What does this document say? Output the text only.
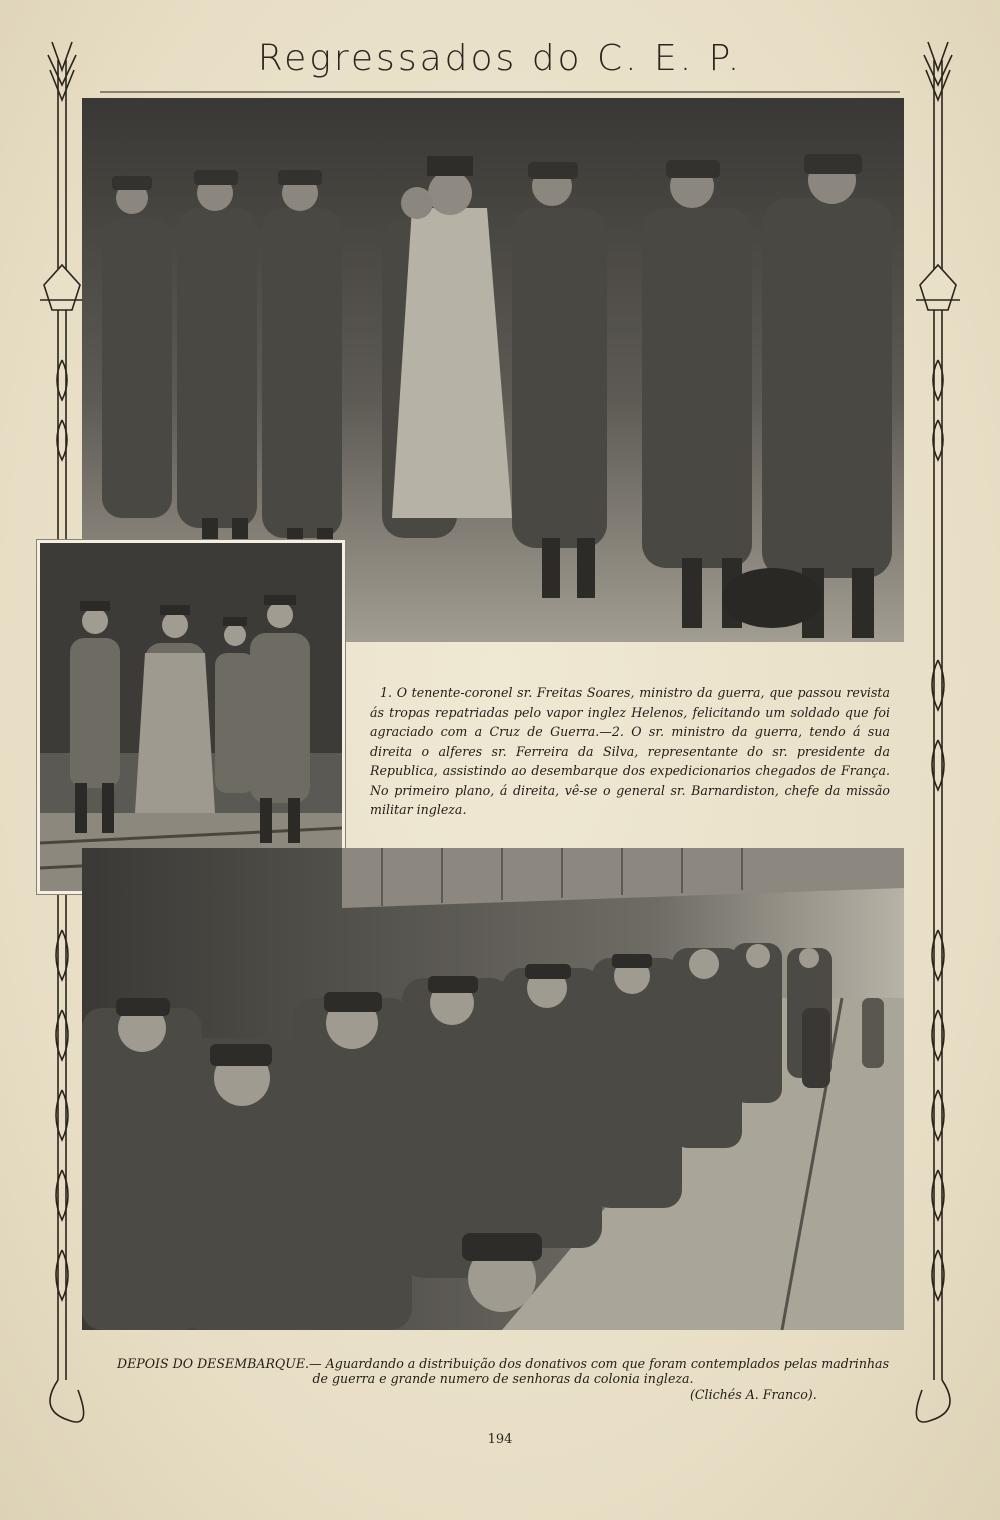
Regressados do C. E. P.
1. O tenente-coronel sr. Freitas Soares, ministro da guerra, que passou revista ás tropas repatriadas pelo vapor inglez Helenos, felicitando um soldado que foi agraciado com a Cruz de Guerra.—2. O sr. ministro da guerra, tendo á sua direita o alferes sr. Ferreira da Silva, representante do sr. presidente da Republica, assistindo ao desembarque dos expedicionarios chegados de França. No primeiro plano, á direita, vê-se o general sr. Barnardiston, chefe da missão militar ingleza.
DEPOIS DO DESEMBARQUE.— Aguardando a distribuição dos donativos com que foram contemplados pelas madrinhas de guerra e grande numero de senhoras da colonia ingleza.
(Clichés A. Franco).
194
